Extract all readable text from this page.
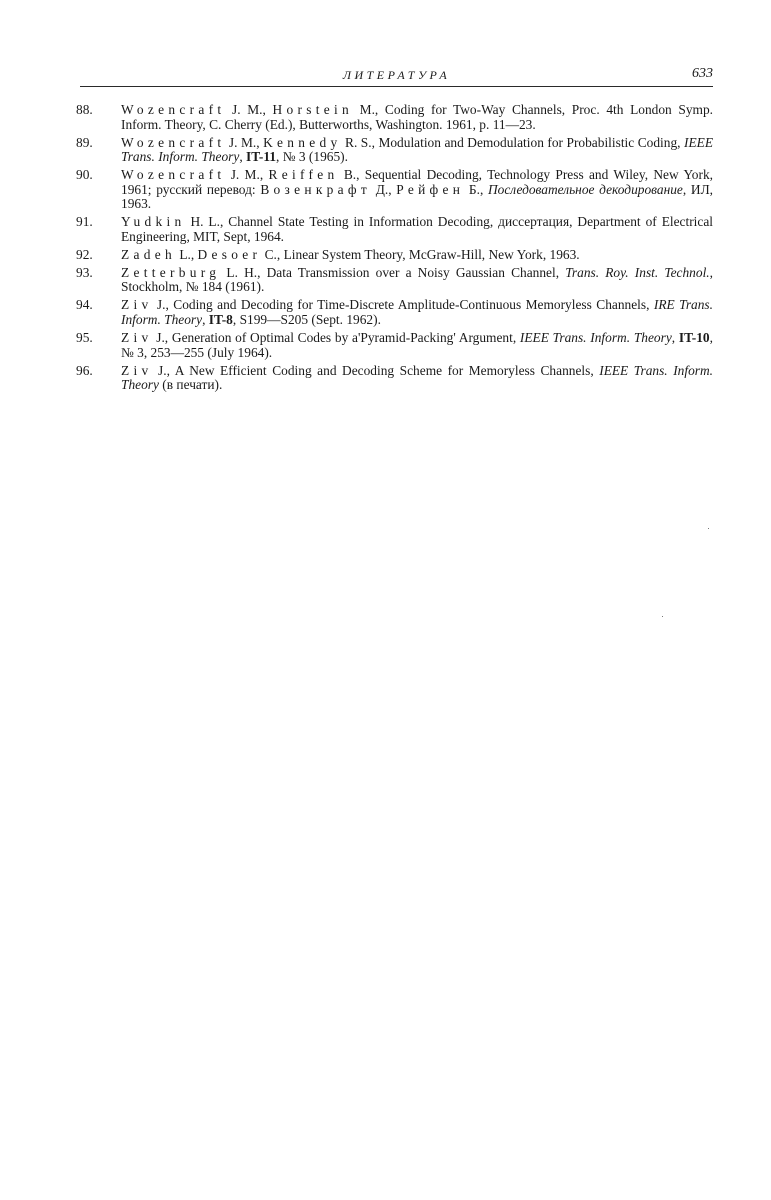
ЛИТЕРАТУРА	633
88. Wozencraft J. M., Horstein M., Coding for Two-Way Channels, Proc. 4th London Symp. Inform. Theory, C. Cherry (Ed.), Butterworths, Washington. 1961, p. 11—23.
89. Wozencraft J. M., Kennedy R. S., Modulation and Demodulation for Probabilistic Coding, IEEE Trans. Inform. Theory, IT-11, № 3 (1965).
90. Wozencraft J. M., Reiffen B., Sequential Decoding, Technology Press and Wiley, New York, 1961; русский перевод: Возенкрафт Д., Рейфен Б., Последовательное декодирование, ИЛ, 1963.
91. Yudkin H. L., Channel State Testing in Information Decoding, диссертация, Department of Electrical Engineering, MIT, Sept, 1964.
92. Zadeh L., Desoer C., Linear System Theory, McGraw-Hill, New York, 1963.
93. Zetterburg L. H., Data Transmission over a Noisy Gaussian Channel, Trans. Roy. Inst. Technol., Stockholm, № 184 (1961).
94. Ziv J., Coding and Decoding for Time-Discrete Amplitude-Continuous Memoryless Channels, IRE Trans. Inform. Theory, IT-8, S199—S205 (Sept. 1962).
95. Ziv J., Generation of Optimal Codes by a'Pyramid-Packing' Argument, IEEE Trans. Inform. Theory, IT-10, № 3, 253—255 (July 1964).
96. Ziv J., A New Efficient Coding and Decoding Scheme for Memoryless Channels, IEEE Trans. Inform. Theory (в печати).
